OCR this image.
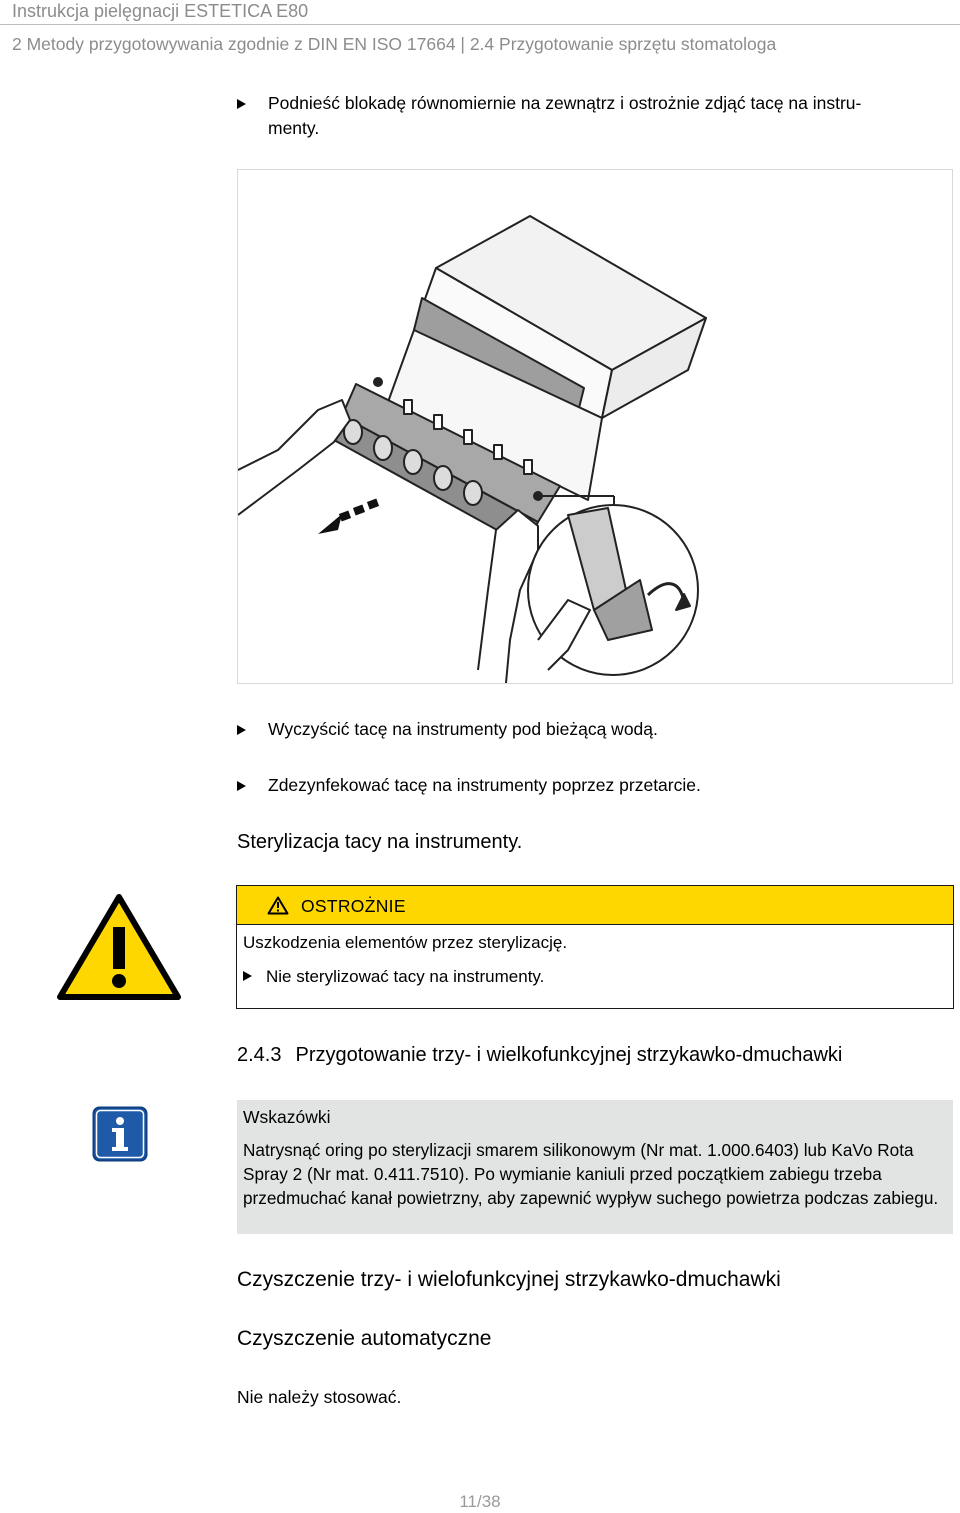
Instrukcja pielęgnacji ESTETICA E80
2 Metody przygotowywania zgodnie z DIN EN ISO 17664 | 2.4 Przygotowanie sprzętu stomatologa
Podnieść blokadę równomiernie na zewnątrz i ostrożnie zdjąć tacę na instru-
menty.
Wyczyścić tacę na instrumenty pod bieżącą wodą.
Zdezynfekować tacę na instrumenty poprzez przetarcie.
Sterylizacja tacy na instrumenty.
OSTROŻNIE
Uszkodzenia elementów przez sterylizację.
Nie sterylizować tacy na instrumenty.
2.4.3 Przygotowanie trzy- i wielkofunkcyjnej strzykawko-dmuchawki
Wskazówki
Natrysnąć oring po sterylizacji smarem silikonowym (Nr mat. 1.000.6403) lub KaVo Rota Spray 2 (Nr mat. 0.411.7510). Po wymianie kaniuli przed początkiem zabiegu trzeba przedmuchać kanał powietrzny, aby zapewnić wypływ suchego powietrza podczas zabiegu.
Czyszczenie trzy- i wielofunkcyjnej strzykawko-dmuchawki
Czyszczenie automatyczne
Nie należy stosować.
11/38
